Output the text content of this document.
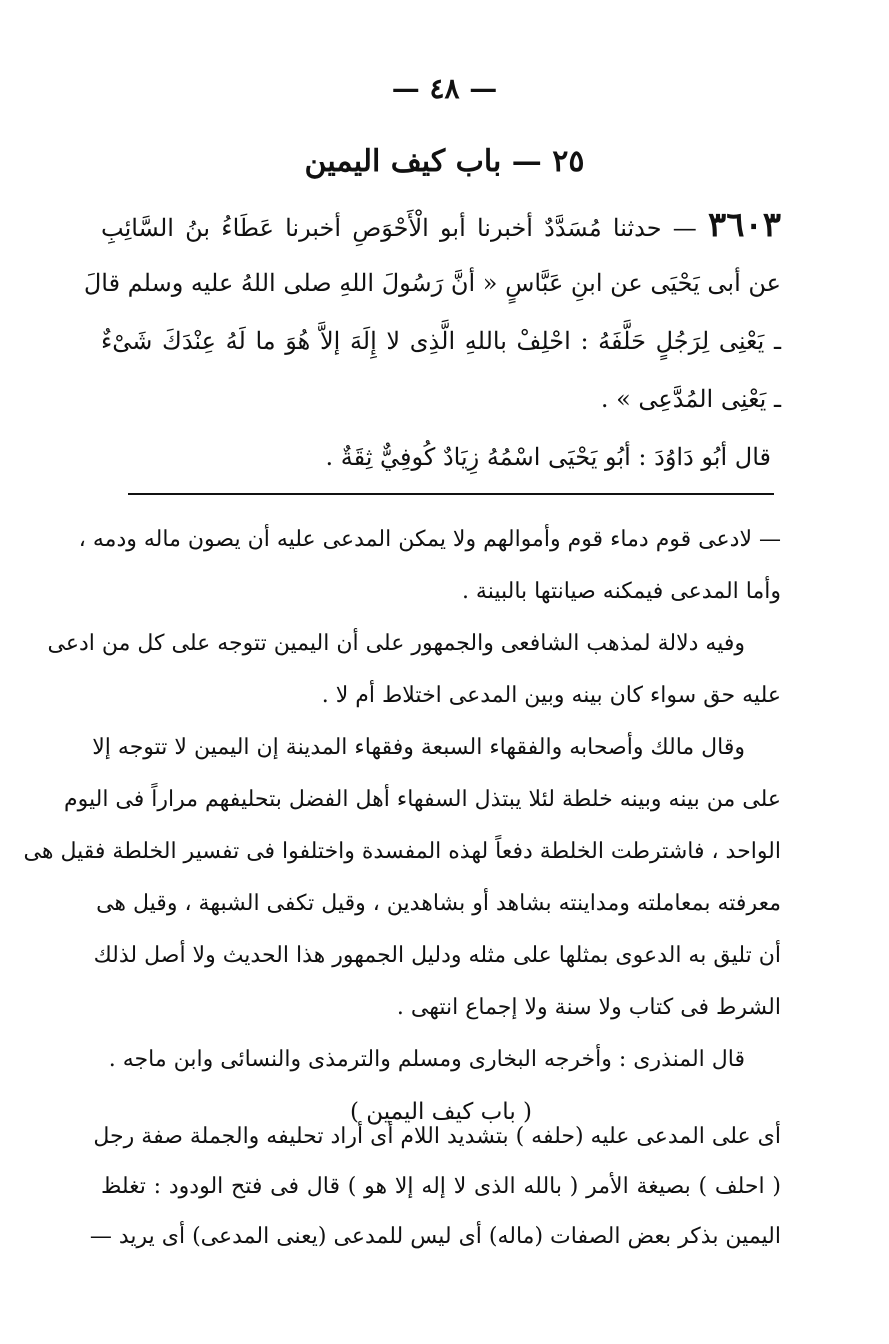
— ٤٨ —
٢٥ — باب كيف اليمين
٣٦٠٣ — حدثنا مُسَدَّدٌ أخبرنا أبو الْأَحْوَصِ أخبرنا عَطَاءُ بنُ السَّائِبِ
عن أبى يَحْيَى عن ابنِ عَبَّاسٍ « أنَّ رَسُولَ اللهِ صلى اللهُ عليه وسلم قالَ
ـ يَعْنِى لِرَجُلٍ حَلَّفَهُ : احْلِفْ باللهِ الَّذِى لا إِلَهَ إلاَّ هُوَ ما لَهُ عِنْدَكَ شَىْءٌ
ـ يَعْنِى المُدَّعِى » .
قال أبُو دَاوُدَ : أبُو يَحْيَى اسْمُهُ زِيَادٌ كُوفِيٌّ ثِقَةٌ .
— لادعى قوم دماء قوم وأموالهم ولا يمكن المدعى عليه أن يصون ماله ودمه ،
وأما المدعى فيمكنه صيانتها بالبينة .
وفيه دلالة لمذهب الشافعى والجمهور على أن اليمين تتوجه على كل من ادعى
عليه حق سواء كان بينه وبين المدعى اختلاط أم لا .
وقال مالك وأصحابه والفقهاء السبعة وفقهاء المدينة إن اليمين لا تتوجه إلا
على من بينه وبينه خلطة لئلا يبتذل السفهاء أهل الفضل بتحليفهم مراراً فى اليوم
الواحد ، فاشترطت الخلطة دفعاً لهذه المفسدة واختلفوا فى تفسير الخلطة فقيل هى
معرفته بمعاملته ومداينته بشاهد أو بشاهدين ، وقيل تكفى الشبهة ، وقيل هى
أن تليق به الدعوى بمثلها على مثله ودليل الجمهور هذا الحديث ولا أصل لذلك
الشرط فى كتاب ولا سنة ولا إجماع انتهى .
قال المنذرى : وأخرجه البخارى ومسلم والترمذى والنسائى وابن ماجه .
( باب كيف اليمين )
أى على المدعى عليه (حلفه ) بتشديد اللام أى أراد تحليفه والجملة صفة رجل
( احلف ) بصيغة الأمر ( بالله الذى لا إله إلا هو ) قال فى فتح الودود : تغلظ
اليمين بذكر بعض الصفات (ماله) أى ليس للمدعى (يعنى المدعى) أى يريد —
